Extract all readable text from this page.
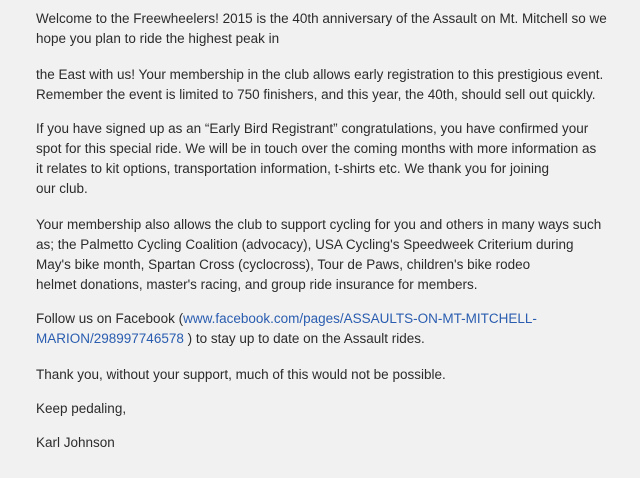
Welcome to the Freewheelers! 2015 is the 40th anniversary of the Assault on Mt. Mitchell so we
hope you plan to ride the highest peak in
the East with us! Your membership in the club allows early registration to this prestigious event.
Remember the event is limited to 750 finishers, and this year, the 40th, should sell out quickly.
If you have signed up as an “Early Bird Registrant” congratulations, you have confirmed your
spot for this special ride. We will be in touch over the coming months with more information as
it relates to kit options, transportation information, t-shirts etc. We thank you for joining
our club.
Your membership also allows the club to support cycling for you and others in many ways such
as; the Palmetto Cycling Coalition (advocacy), USA Cycling's Speedweek Criterium during
May's bike month, Spartan Cross (cyclocross), Tour de Paws, children's bike rodeo
helmet donations, master's racing, and group ride insurance for members.
Follow us on Facebook (www.facebook.com/pages/ASSAULTS-ON-MT-MITCHELL-
MARION/298997746578 ) to stay up to date on the Assault rides.
Thank you, without your support, much of this would not be possible.
Keep pedaling,
Karl Johnson
